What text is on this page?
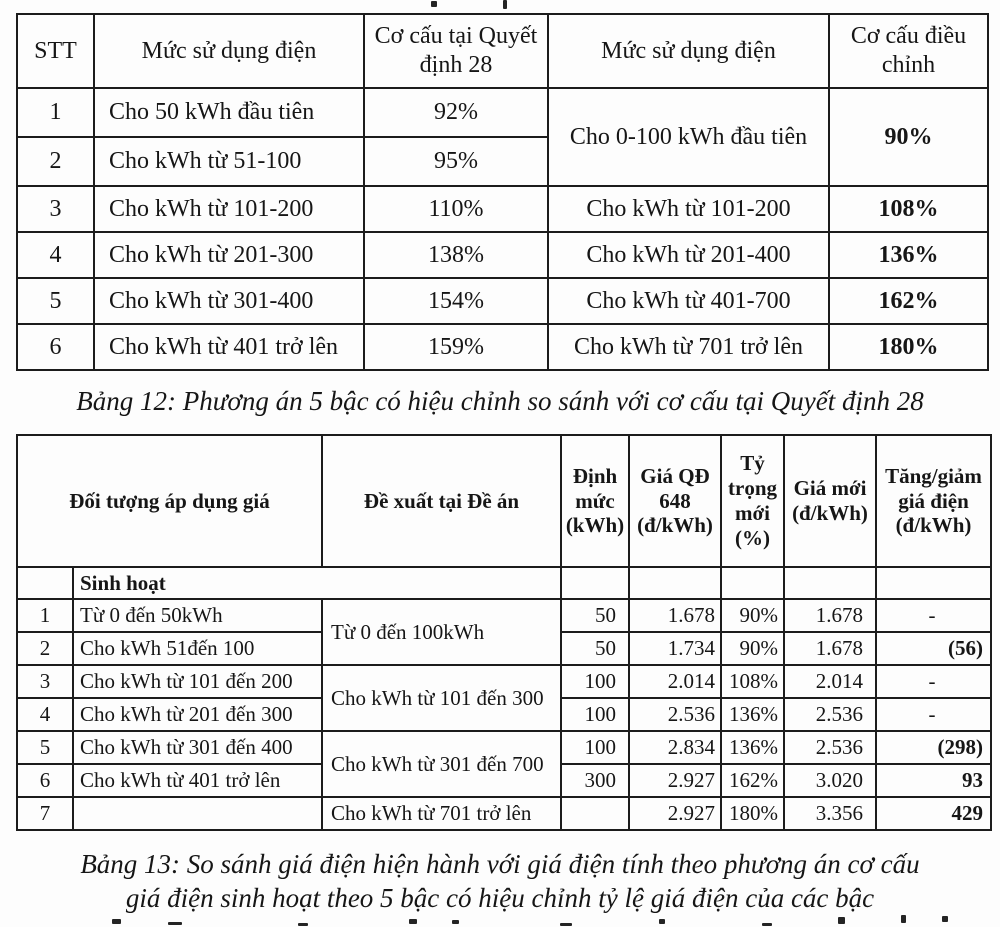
STT	Mức sử dụng điện	Cơ cấu tại Quyết định 28	Mức sử dụng điện	Cơ cấu điều chỉnh
1	Cho 50 kWh đầu tiên	92%	Cho 0-100 kWh đầu tiên	90%
2	Cho kWh từ 51-100	95%		
3	Cho kWh từ 101-200	110%	Cho kWh từ 101-200	108%
4	Cho kWh từ 201-300	138%	Cho kWh từ 201-400	136%
5	Cho kWh từ 301-400	154%	Cho kWh từ 401-700	162%
6	Cho kWh từ 401 trở lên	159%	Cho kWh từ 701 trở lên	180%
Bảng 12: Phương án 5 bậc có hiệu chỉnh so sánh với cơ cấu tại Quyết định 28
Đối tượng áp dụng giá		Đề xuất tại Đề án	Định mức (kWh)	Giá QĐ 648 (đ/kWh)	Tỷ trọng mới (%)	Giá mới (đ/kWh)	Tăng/giảm giá điện (đ/kWh)
	Sinh hoạt						
1	Từ 0 đến 50kWh	Từ 0 đến 100kWh	50	1.678	90%	1.678	-
2	Cho kWh 51đến 100		50	1.734	90%	1.678	(56)
3	Cho kWh từ 101 đến 200	Cho kWh từ 101 đến 300	100	2.014	108%	2.014	-
4	Cho kWh từ 201 đến 300		100	2.536	136%	2.536	-
5	Cho kWh từ 301 đến 400	Cho kWh từ 301 đến 700	100	2.834	136%	2.536	(298)
6	Cho kWh từ 401 trở lên		300	2.927	162%	3.020	93
7		Cho kWh từ 701 trở lên		2.927	180%	3.356	429
Bảng 13: So sánh giá điện hiện hành với giá điện tính theo phương án cơ cấu
giá điện sinh hoạt theo 5 bậc có hiệu chỉnh tỷ lệ giá điện của các bậc
